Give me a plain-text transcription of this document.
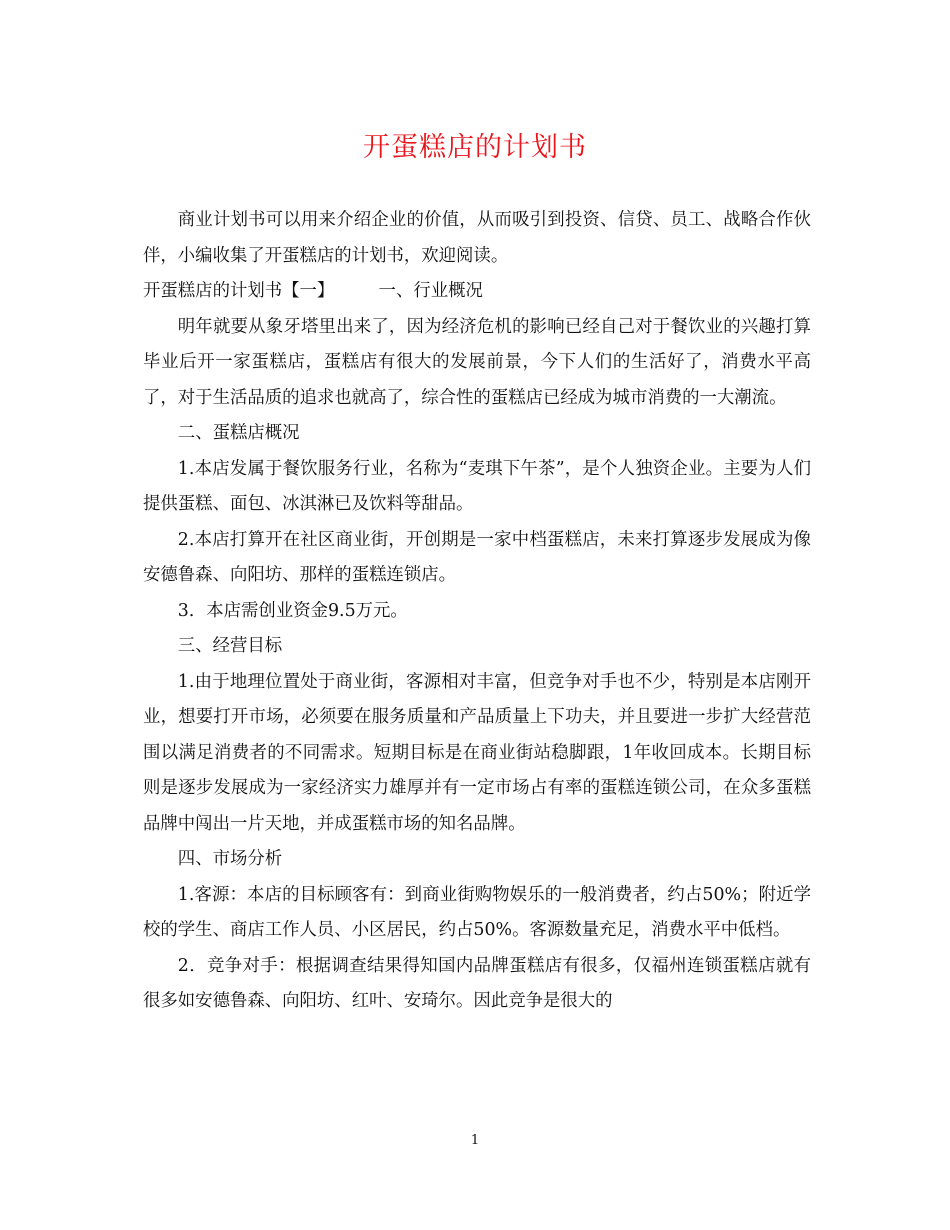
开蛋糕店的计划书

商业计划书可以用来介绍企业的价值，从而吸引到投资、信贷、员工、战略合作伙伴，小编收集了开蛋糕店的计划书，欢迎阅读。

开蛋糕店的计划书【一】	一、行业概况

明年就要从象牙塔里出来了，因为经济危机的影响已经自己对于餐饮业的兴趣打算毕业后开一家蛋糕店，蛋糕店有很大的发展前景，今下人们的生活好了，消费水平高了，对于生活品质的追求也就高了，综合性的蛋糕店已经成为城市消费的一大潮流。

二、蛋糕店概况

1.本店发属于餐饮服务行业，名称为“麦琪下午茶”，是个人独资企业。主要为人们提供蛋糕、面包、冰淇淋已及饮料等甜品。

2.本店打算开在社区商业街，开创期是一家中档蛋糕店，未来打算逐步发展成为像安德鲁森、向阳坊、那样的蛋糕连锁店。

3．本店需创业资金9.5万元。

三、经营目标

1.由于地理位置处于商业街，客源相对丰富，但竞争对手也不少，特别是本店刚开业，想要打开市场，必须要在服务质量和产品质量上下功夫，并且要进一步扩大经营范围以满足消费者的不同需求。短期目标是在商业街站稳脚跟，1年收回成本。长期目标则是逐步发展成为一家经济实力雄厚并有一定市场占有率的蛋糕连锁公司，在众多蛋糕品牌中闯出一片天地，并成蛋糕市场的知名品牌。

四、市场分析

1.客源：本店的目标顾客有：到商业街购物娱乐的一般消费者，约占50%；附近学校的学生、商店工作人员、小区居民，约占50%。客源数量充足，消费水平中低档。

2．竞争对手：根据调查结果得知国内品牌蛋糕店有很多，仅福州连锁蛋糕店就有很多如安德鲁森、向阳坊、红叶、安琦尔。因此竞争是很大的

1
